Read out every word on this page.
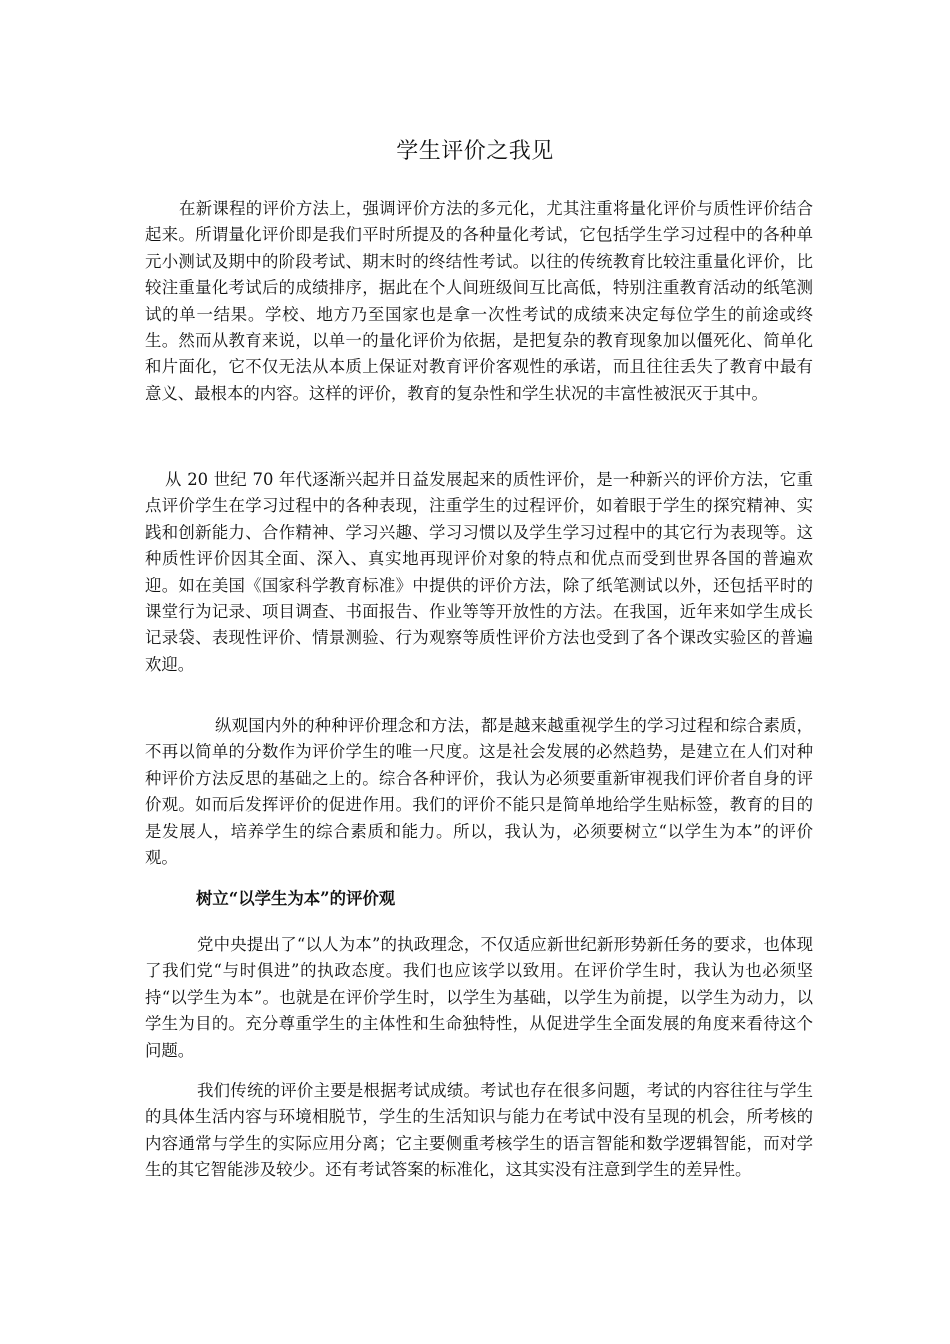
学生评价之我见

在新课程的评价方法上，强调评价方法的多元化，尤其注重将量化评价与质性评价结合起来。所谓量化评价即是我们平时所提及的各种量化考试，它包括学生学习过程中的各种单元小测试及期中的阶段考试、期末时的终结性考试。以往的传统教育比较注重量化评价，比较注重量化考试后的成绩排序，据此在个人间班级间互比高低，特别注重教育活动的纸笔测试的单一结果。学校、地方乃至国家也是拿一次性考试的成绩来决定每位学生的前途或终生。然而从教育来说，以单一的量化评价为依据，是把复杂的教育现象加以僵死化、简单化和片面化，它不仅无法从本质上保证对教育评价客观性的承诺，而且往往丢失了教育中最有意义、最根本的内容。这样的评价，教育的复杂性和学生状况的丰富性被泯灭于其中。

从 20 世纪 70 年代逐渐兴起并日益发展起来的质性评价，是一种新兴的评价方法，它重点评价学生在学习过程中的各种表现，注重学生的过程评价，如着眼于学生的探究精神、实践和创新能力、合作精神、学习兴趣、学习习惯以及学生学习过程中的其它行为表现等。这种质性评价因其全面、深入、真实地再现评价对象的特点和优点而受到世界各国的普遍欢迎。如在美国《国家科学教育标准》中提供的评价方法，除了纸笔测试以外，还包括平时的课堂行为记录、项目调查、书面报告、作业等等开放性的方法。在我国，近年来如学生成长记录袋、表现性评价、情景测验、行为观察等质性评价方法也受到了各个课改实验区的普遍欢迎。

纵观国内外的种种评价理念和方法，都是越来越重视学生的学习过程和综合素质，不再以简单的分数作为评价学生的唯一尺度。这是社会发展的必然趋势，是建立在人们对种种评价方法反思的基础之上的。综合各种评价，我认为必须要重新审视我们评价者自身的评价观。如而后发挥评价的促进作用。我们的评价不能只是简单地给学生贴标签，教育的目的是发展人，培养学生的综合素质和能力。所以，我认为，必须要树立“以学生为本”的评价观。

树立“以学生为本”的评价观

党中央提出了“以人为本”的执政理念，不仅适应新世纪新形势新任务的要求，也体现了我们党“与时俱进”的执政态度。我们也应该学以致用。在评价学生时，我认为也必须坚持“以学生为本”。也就是在评价学生时，以学生为基础，以学生为前提，以学生为动力，以学生为目的。充分尊重学生的主体性和生命独特性，从促进学生全面发展的角度来看待这个问题。

我们传统的评价主要是根据考试成绩。考试也存在很多问题，考试的内容往往与学生的具体生活内容与环境相脱节，学生的生活知识与能力在考试中没有呈现的机会，所考核的内容通常与学生的实际应用分离；它主要侧重考核学生的语言智能和数学逻辑智能，而对学生的其它智能涉及较少。还有考试答案的标准化，这其实没有注意到学生的差异性。
